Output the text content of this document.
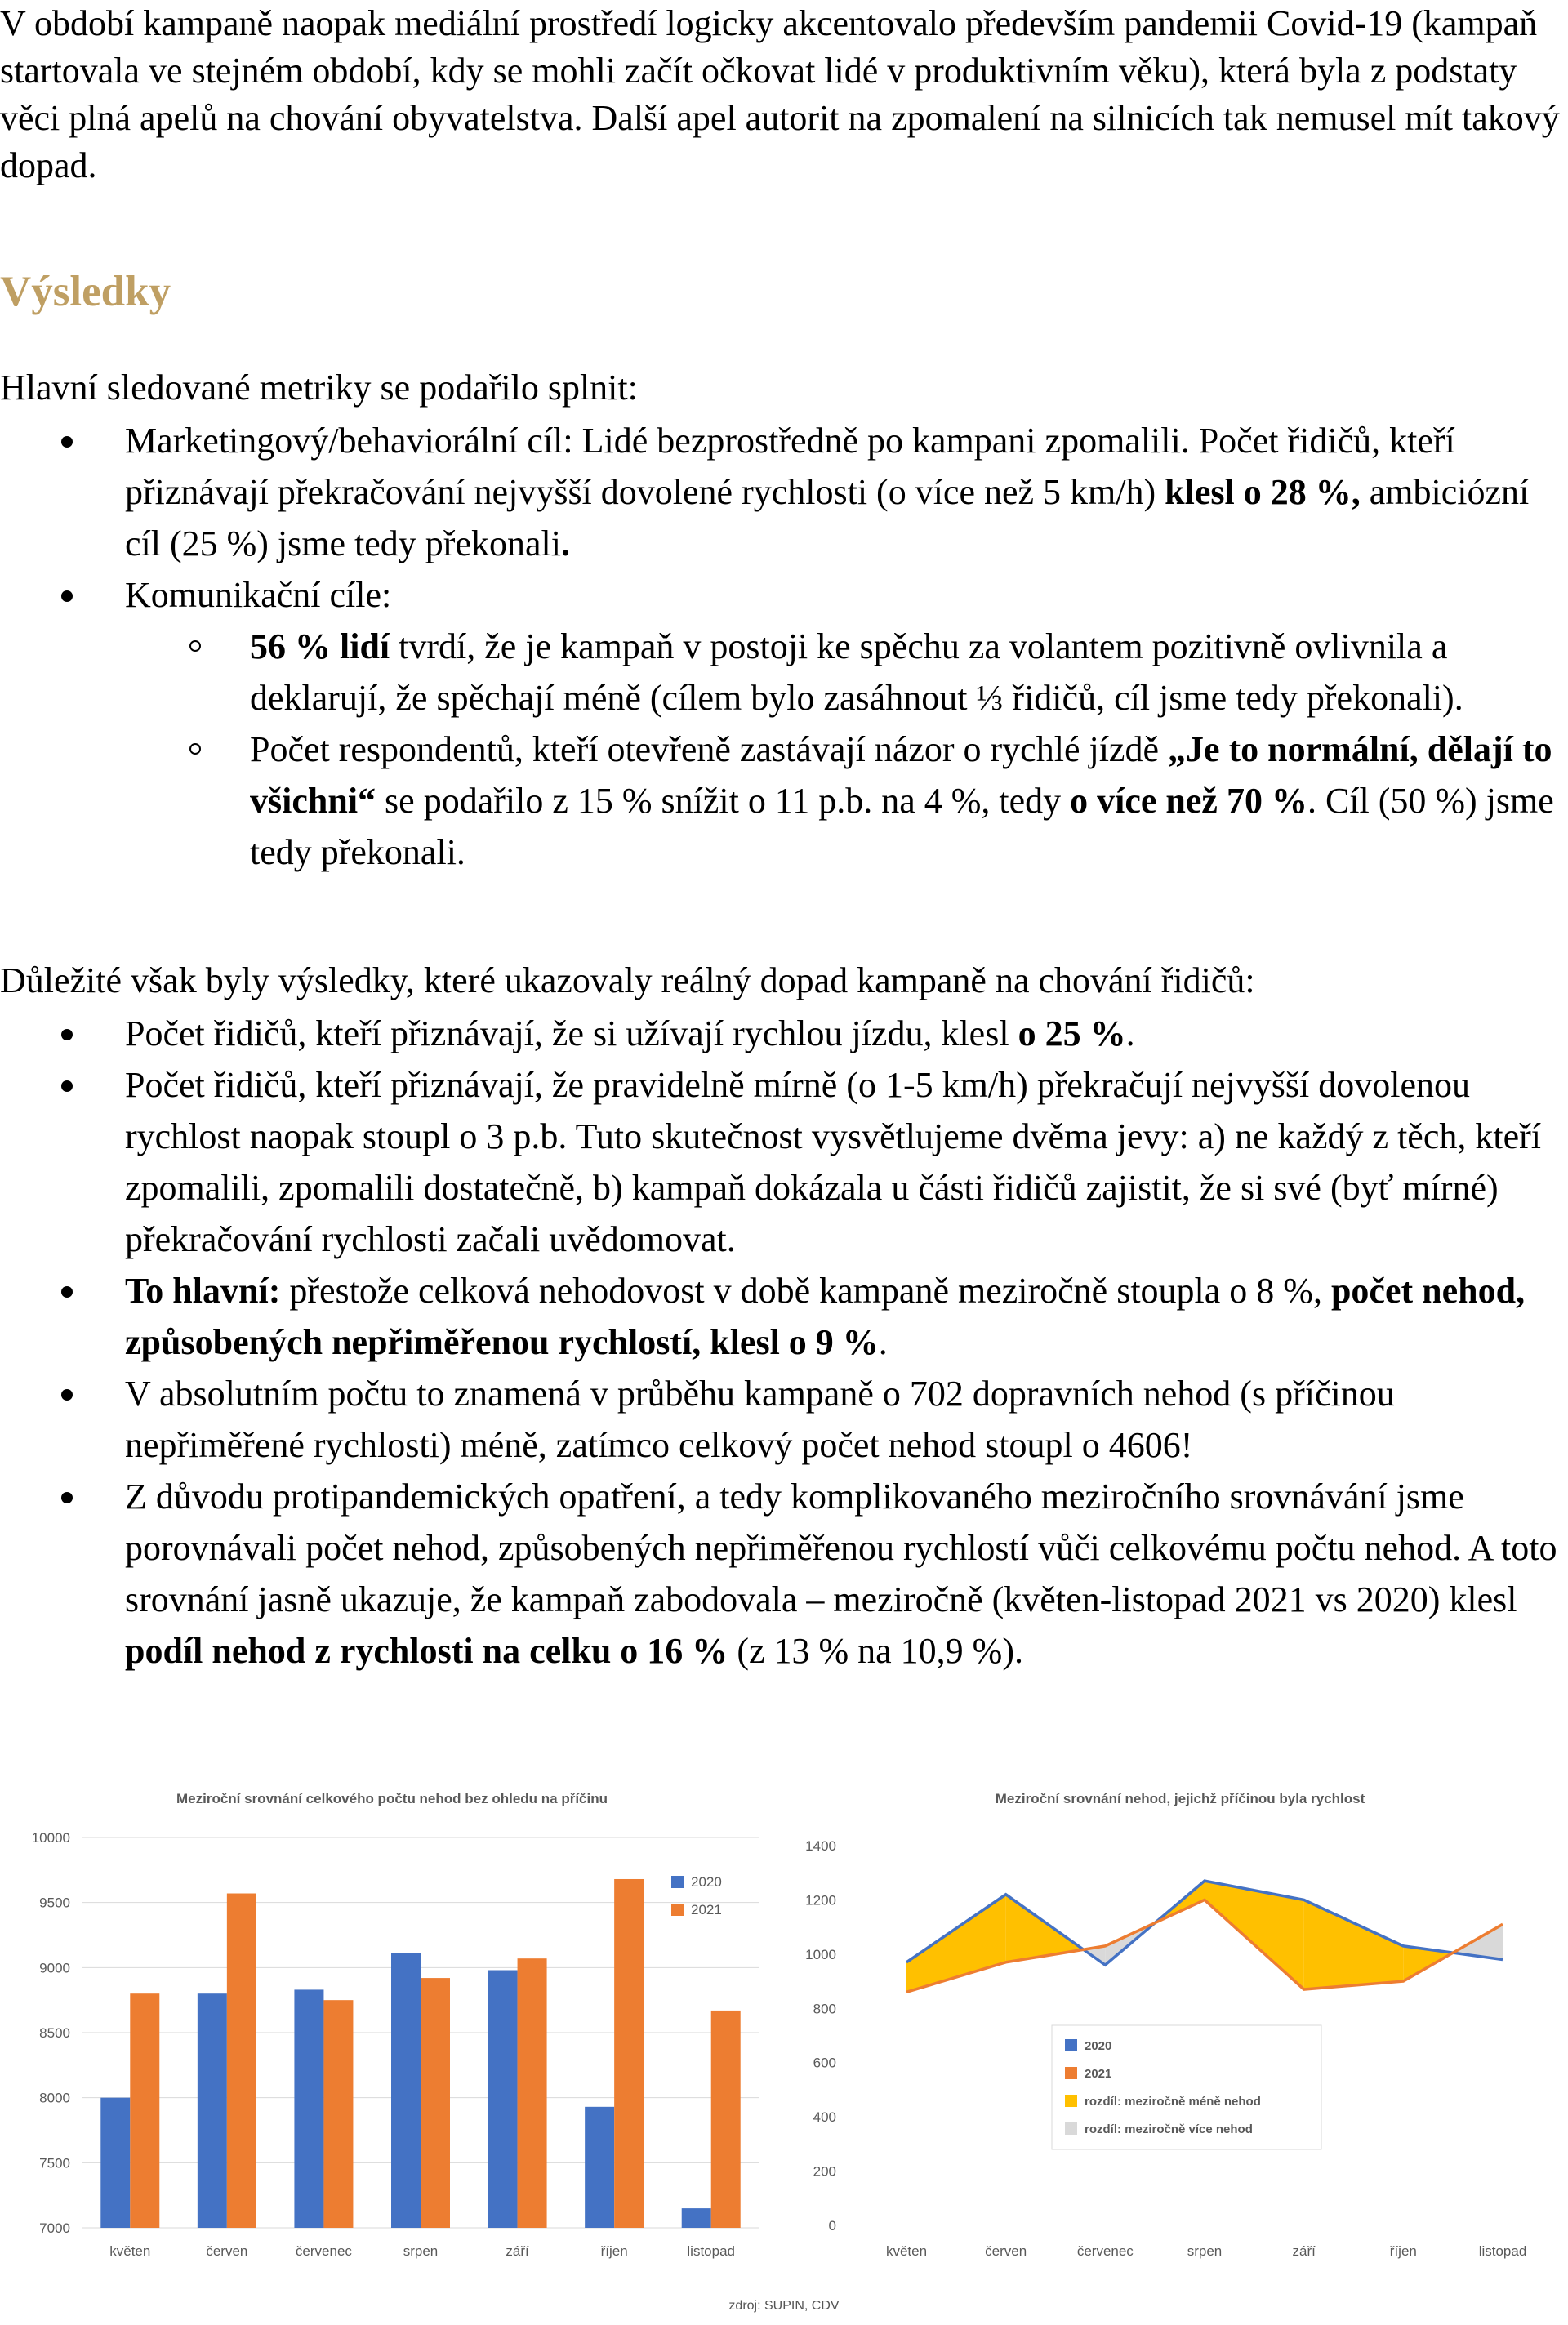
V období kampaně naopak mediální prostředí logicky akcentovalo především pandemii Covid-19 (kampaň startovala ve stejném období, kdy se mohli začít očkovat lidé v produktivním věku), která byla z podstaty věci plná apelů na chování obyvatelstva. Další apel autorit na zpomalení na silnicích tak nemusel mít takový dopad.

Výsledky

Hlavní sledované metriky se podařilo splnit:

Marketingový/behaviorální cíl: Lidé bezprostředně po kampani zpomalili. Počet řidičů, kteří přiznávají překračování nejvyšší dovolené rychlosti (o více než 5 km/h) klesl o 28 %, ambiciózní cíl (25 %) jsme tedy překonali.
Komunikační cíle:
56 % lidí tvrdí, že je kampaň v postoji ke spěchu za volantem pozitivně ovlivnila a deklarují, že spěchají méně (cílem bylo zasáhnout ⅓ řidičů, cíl jsme tedy překonali).
Počet respondentů, kteří otevřeně zastávají názor o rychlé jízdě „Je to normální, dělají to všichni“ se podařilo z 15 % snížit o 11 p.b. na 4 %, tedy o více než 70 %. Cíl (50 %) jsme tedy překonali.

Důležité však byly výsledky, které ukazovaly reálný dopad kampaně na chování řidičů:

Počet řidičů, kteří přiznávají, že si užívají rychlou jízdu, klesl o 25 %.
Počet řidičů, kteří přiznávají, že pravidelně mírně (o 1-5 km/h) překračují nejvyšší dovolenou rychlost naopak stoupl o 3 p.b. Tuto skutečnost vysvětlujeme dvěma jevy: a) ne každý z těch, kteří zpomalili, zpomalili dostatečně, b) kampaň dokázala u části řidičů zajistit, že si své (byť mírné) překračování rychlosti začali uvědomovat.
To hlavní: přestože celková nehodovost v době kampaně meziročně stoupla o 8 %, počet nehod, způsobených nepřiměřenou rychlostí, klesl o 9 %.
V absolutním počtu to znamená v průběhu kampaně o 702 dopravních nehod (s příčinou nepřiměřené rychlosti) méně, zatímco celkový počet nehod stoupl o 4606!
Z důvodu protipandemických opatření, a tedy komplikovaného meziročního srovnávání jsme porovnávali počet nehod, způsobených nepřiměřenou rychlostí vůči celkovému počtu nehod. A toto srovnání jasně ukazuje, že kampaň zabodovala – meziročně (květen-listopad 2021 vs 2020) klesl podíl nehod z rychlosti na celku o 16 % (z 13 % na 10,9 %).
Meziroční srovnání celkového počtu nehod bez ohledu na příčinu
7000
7500
8000
8500
9000
9500
10000
květen	červen	červenec	srpen	září	říjen	listopad
2020
2021
Meziroční srovnání nehod, jejichž příčinou byla rychlost
0
200
400
600
800
1000
1200
1400
květen	červen	červenec	srpen	září	říjen	listopad
2020
2021
rozdíl: meziročně méně nehod
rozdíl: meziročně více nehod
zdroj: SUPIN, CDV
